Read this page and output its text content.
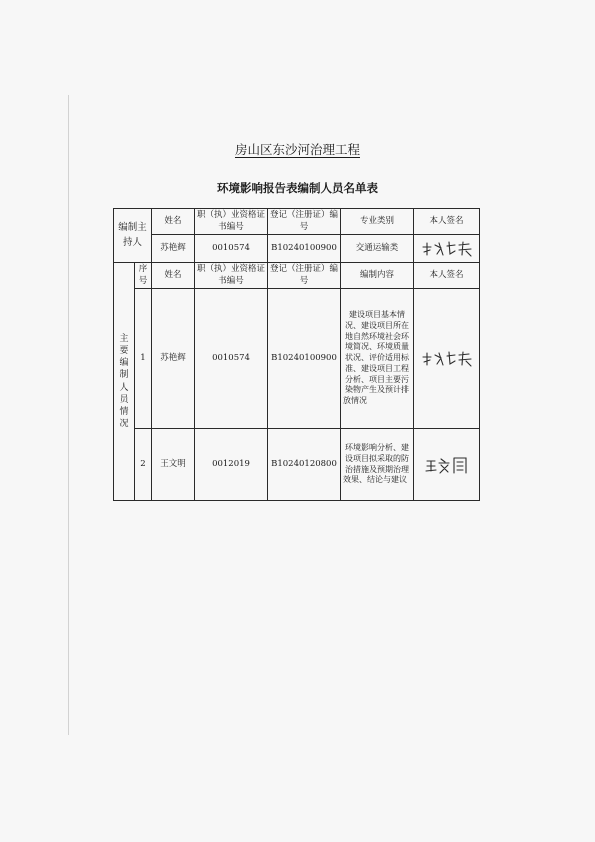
房山区东沙河治理工程
环境影响报告表编制人员名单表
编制主持人		姓名	职（执）业资格证书编号	登记（注册证）编号	专业类别	本人签名
		苏艳辉	0010574	B10240100900	交通运输类	

主要编制人员情况	序号	姓名	职（执）业资格证书编号	登记（注册证）编号	编制内容	本人签名
	1	苏艳辉	0010574	B10240100900	建设项目基本情况、建设项目所在地自然环境社会环境简况、环境质量状况、评价适用标准、建设项目工程分析、项目主要污染物产生及预计排放情况	

	2	王文明	0012019	B10240120800	环境影响分析、建设项目拟采取的防治措施及预期治理效果、结论与建议	
